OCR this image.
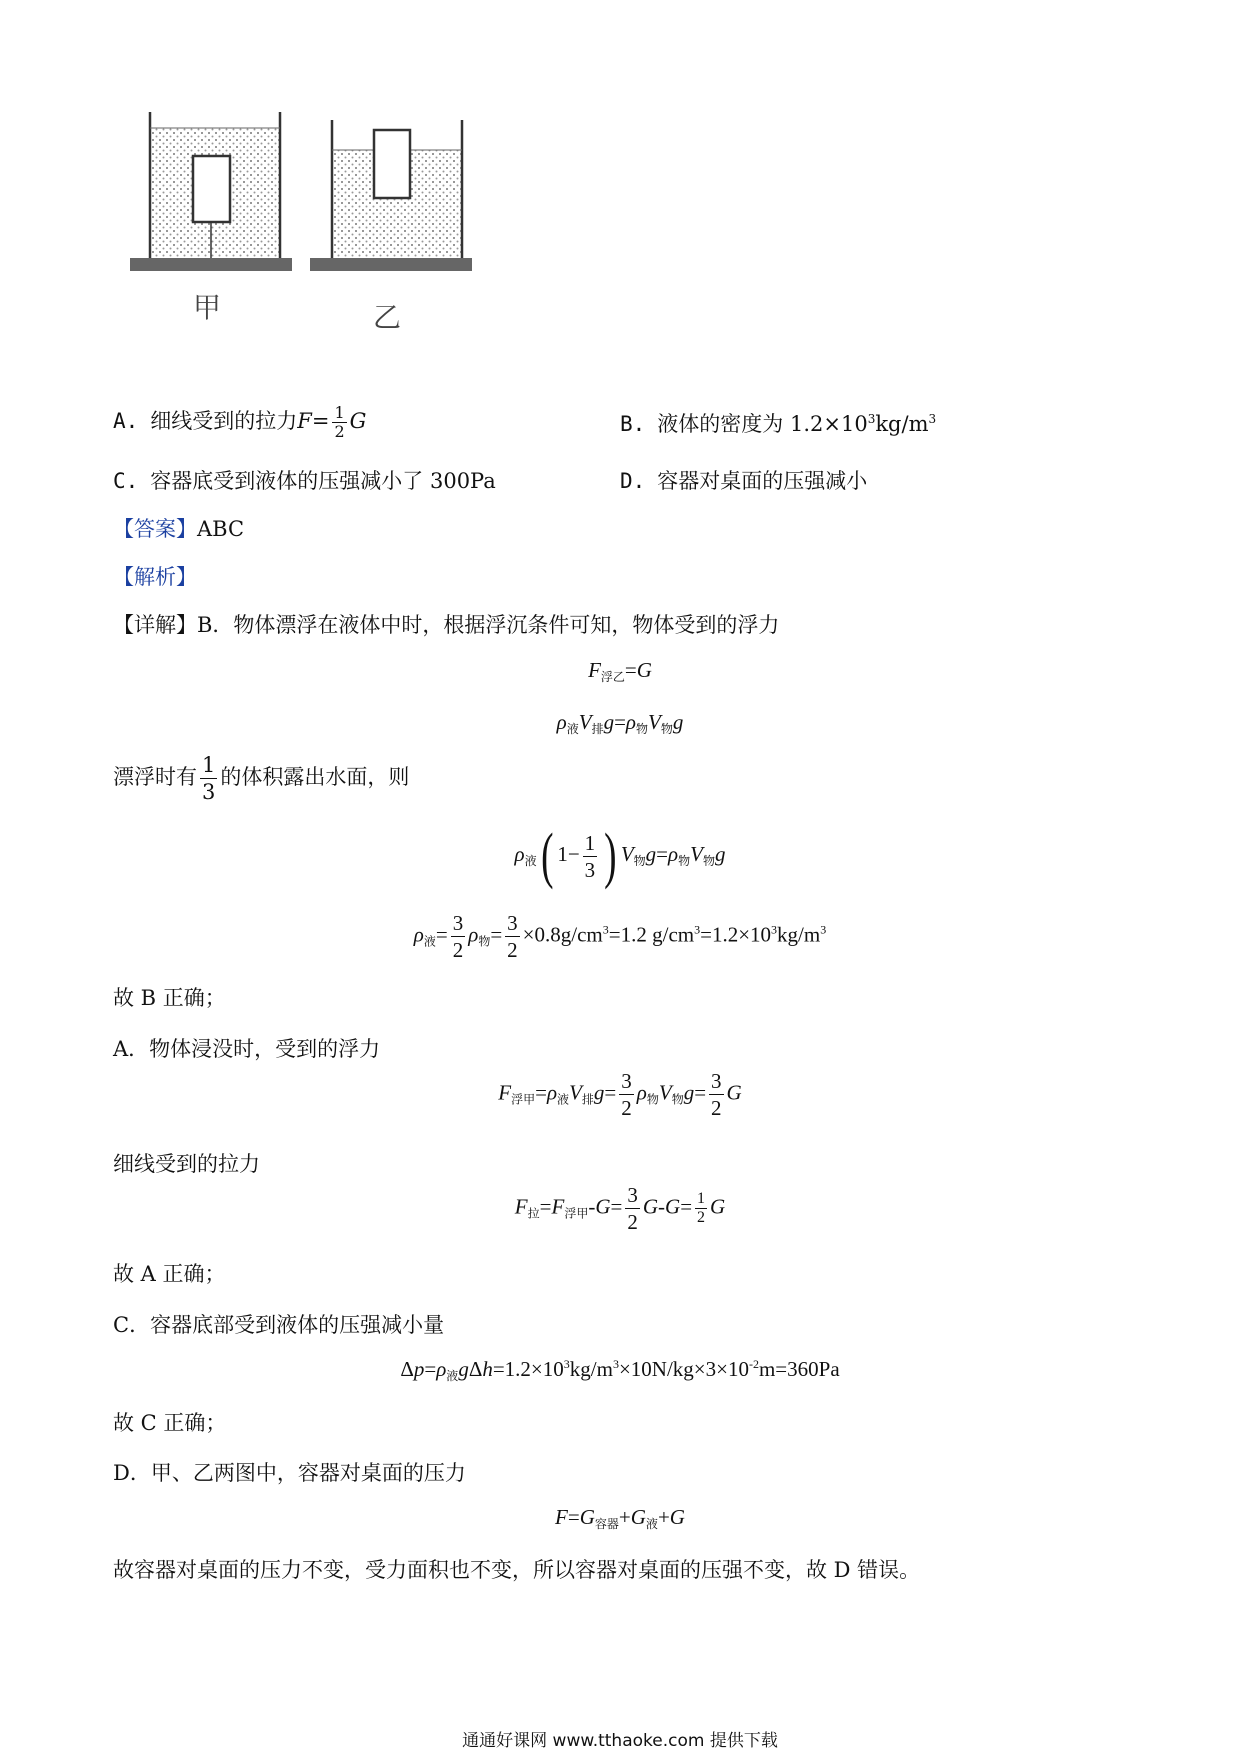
甲	乙
A. 细线受到的拉力$F= \frac{1}{2}$ G	B. 液体的密度为 $1.2\times 10^3kg/m^3$
C. 容器底受到液体的压强减小了 300Pa	D. 容器对桌面的压强减小
【答案】ABC
【解析】
【详解】B．物体漂浮在液体中时，根据浮沉条件可知，物体受到的浮力
$F_{浮乙}=G$
$\rho_液V_排g=\rho_物V_物g$
漂浮时有 $\frac{1}{3}$ 的体积露出水面，则
$\rho_液$( $1- \frac{1}{3}$ ) $V_物g=\rho_物V_物g$
$\rho_液= \frac{3}{2} \rho_物= \frac{3}{2} \times 0.8g/cm^3=1.2$ $g/cm^3=1.2\times 10^3kg/m^3$
故 B 正确；
A．物体浸没时，受到的浮力
$F_{浮甲}=\rho_液V_排g= \frac{3}{2} \rho_物V_物g= \frac{3}{2}$ G
细线受到的拉力
$F_拉=F_{浮甲}-G= \frac{3}{2} G-G= \frac{1}{2}$ G
故 A 正确；
C．容器底部受到液体的压强减小量
$\Delta p=\rho_液g\Delta h=1.2\times 10^3kg/m^3\times 10N/kg\times 3\times 10^{-2}m=360Pa$
故 C 正确；
D．甲、乙两图中，容器对桌面的压力
$F=G_{容器}+G_液+G$
故容器对桌面的压力不变，受力面积也不变，所以容器对桌面的压强不变，故 D 错误。
通通好课网 www.tthaoke.com 提供下载
